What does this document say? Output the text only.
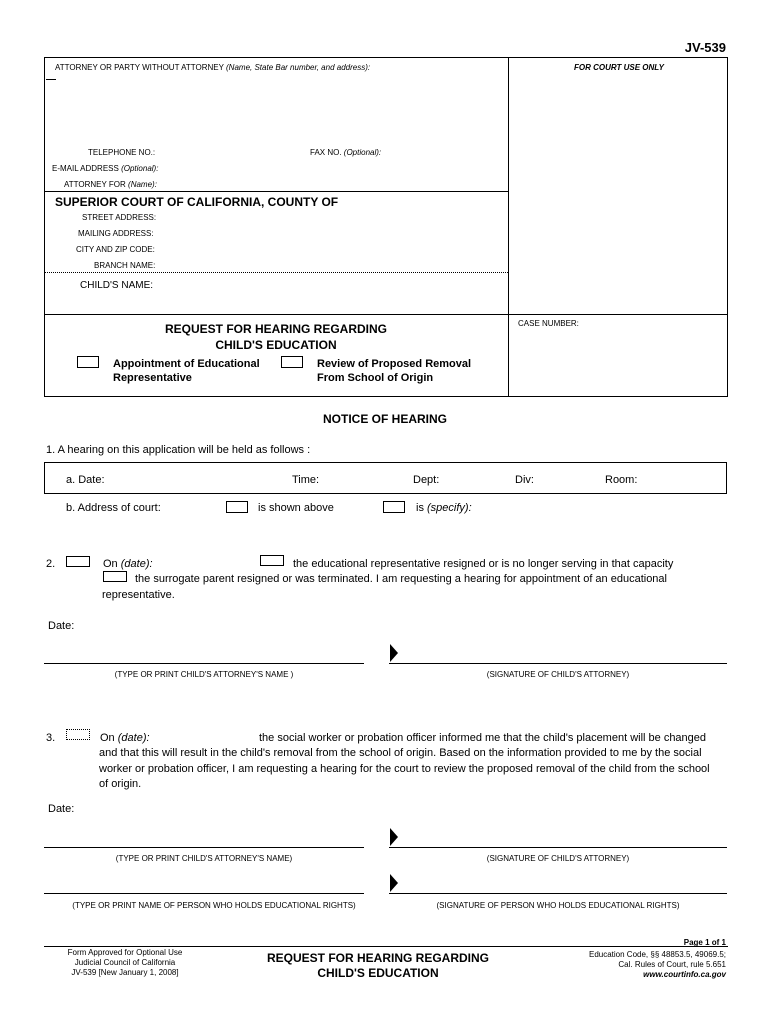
JV-539
ATTORNEY OR PARTY WITHOUT ATTORNEY (Name, State Bar number, and address):	FOR COURT USE ONLY
TELEPHONE NO.:	FAX NO. (Optional):
E-MAIL ADDRESS (Optional):
ATTORNEY FOR (Name):
SUPERIOR COURT OF CALIFORNIA, COUNTY OF
STREET ADDRESS:
MAILING ADDRESS:
CITY AND ZIP CODE:
BRANCH NAME:
CHILD'S NAME:
REQUEST FOR HEARING REGARDING
CHILD'S EDUCATION
CASE NUMBER:
Appointment of Educational
Representative
Review of Proposed Removal
From School of Origin
NOTICE OF HEARING
1. A hearing on this application will be held as follows :
a. Date:	Time:	Dept:	Div:	Room:
b. Address of court:	is shown above	is (specify):
2.	On (date):	the educational representative resigned or is no longer serving in that capacity
the surrogate parent resigned or was terminated. I am requesting a hearing for appointment of an educational
representative.
Date:
(TYPE OR PRINT CHILD'S ATTORNEY'S NAME )	(SIGNATURE OF CHILD'S ATTORNEY)
3.	On (date):	the social worker or probation officer informed me that the child's placement will be changed
and that this will result in the child's removal from the school of origin. Based on the information provided to me by the social
worker or probation officer, I am requesting a hearing for the court to review the proposed removal of the child from the school
of origin.
Date:
(TYPE OR PRINT CHILD'S ATTORNEY'S NAME)	(SIGNATURE OF CHILD'S ATTORNEY)
(TYPE OR PRINT NAME OF PERSON WHO HOLDS EDUCATIONAL RIGHTS)	(SIGNATURE OF PERSON WHO HOLDS EDUCATIONAL RIGHTS)
Page 1 of 1
Form Approved for Optional Use
Judicial Council of California
JV-539 [New January 1, 2008]
REQUEST FOR HEARING REGARDING
CHILD'S EDUCATION
Education Code, §§ 48853.5, 49069.5;
Cal. Rules of Court, rule 5.651
www.courtinfo.ca.gov
